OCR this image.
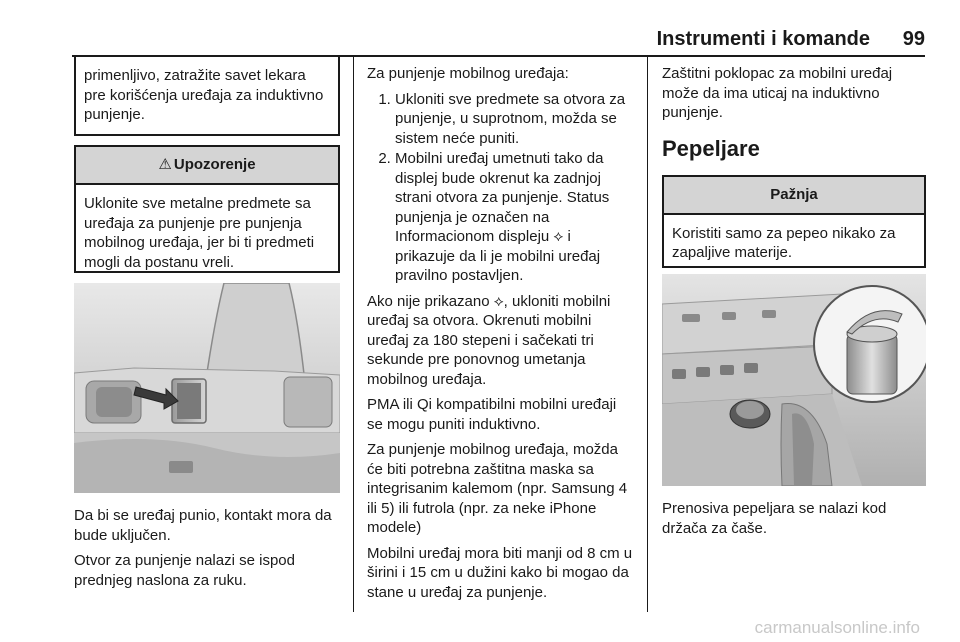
Instrumenti i komande 99

primenljivo, zatražite savet lekara pre korišćenja uređaja za induktivno punjenje.

⚠ Upozorenje

Uklonite sve metalne predmete sa uređaja za punjenje pre punjenja mobilnog uređaja, jer bi ti predmeti mogli da postanu vreli.

Da bi se uređaj punio, kontakt mora da bude uključen.

Otvor za punjenje nalazi se ispod prednjeg naslona za ruku.

Za punjenje mobilnog uređaja:

1. Ukloniti sve predmete sa otvora za punjenje, u suprotnom, možda se sistem neće puniti.
2. Mobilni uređaj umetnuti tako da displej bude okrenut ka zadnjoj strani otvora za punjenje. Status punjenja je označen na Informacionom displeju ⟡ i prikazuje da li je mobilni uređaj pravilno postavljen.

Ako nije prikazano ⟡, ukloniti mobilni uređaj sa otvora. Okrenuti mobilni uređaj za 180 stepeni i sačekati tri sekunde pre ponovnog umetanja mobilnog uređaja.

PMA ili Qi kompatibilni mobilni uređaji se mogu puniti induktivno.

Za punjenje mobilnog uređaja, možda će biti potrebna zaštitna maska sa integrisanim kalemom (npr. Samsung 4 ili 5) ili futrola (npr. za neke iPhone modele)

Mobilni uređaj mora biti manji od 8 cm u širini i 15 cm u dužini kako bi mogao da stane u uređaj za punjenje.

Zaštitni poklopac za mobilni uređaj može da ima uticaj na induktivno punjenje.

Pepeljare
Pažnja

Koristiti samo za pepeo nikako za zapaljive materije.

Prenosiva pepeljara se nalazi kod držača za čaše.

carmanualsonline.info
